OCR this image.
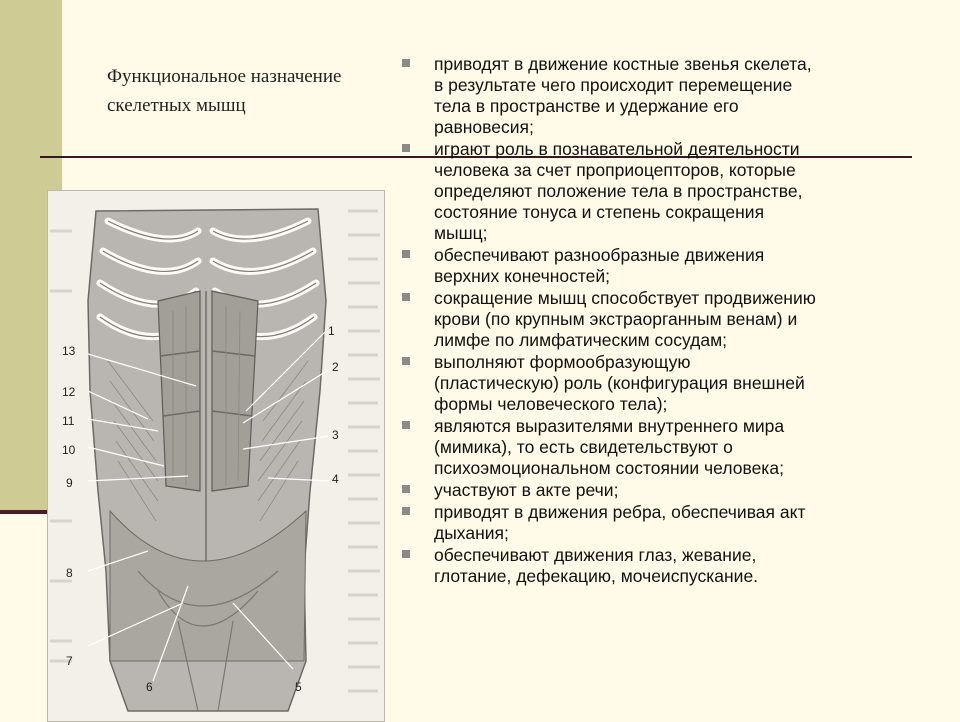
Функциональное назначение
скелетных мышц
1
2
3
4
5
6
7
8
9
10
11
12
13
приводят в движение костные звенья скелета,
в результате чего происходит перемещение
тела в пространстве и удержание его
равновесия;
играют роль в познавательной деятельности
человека за счет проприоцепторов, которые
определяют положение тела в пространстве,
состояние тонуса и степень сокращения
мышц;
обеспечивают разнообразные движения
верхних конечностей;
сокращение мышц способствует продвижению
крови (по крупным экстраорганным венам) и
лимфе по лимфатическим сосудам;
выполняют формообразующую
(пластическую) роль (конфигурация внешней
формы человеческого тела);
являются выразителями внутреннего мира
(мимика), то есть свидетельствуют о
психоэмоциональном состоянии человека;
участвуют в акте речи;
приводят в движения ребра, обеспечивая акт
дыхания;
обеспечивают движения глаз, жевание,
глотание, дефекацию, мочеиспускание.
